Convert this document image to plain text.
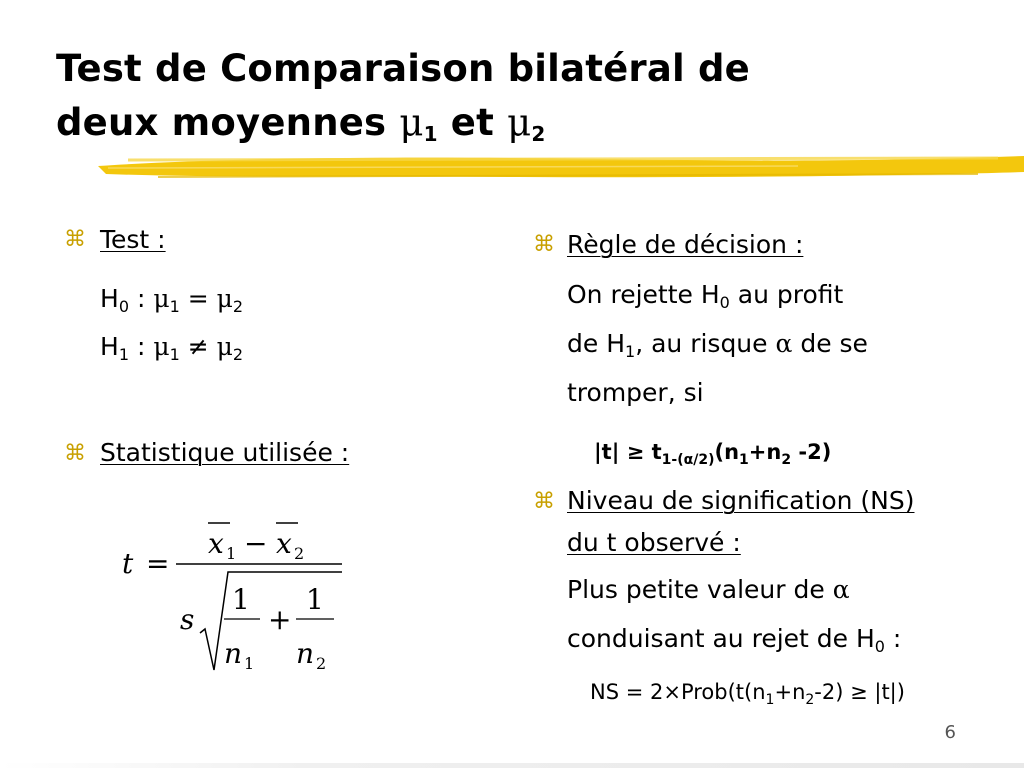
Test de Comparaison bilatéral de
deux moyennes $\mu_1$ et $\mu_2$
⌘ Test :
$H_0$ : $\mu_1 = \mu_2$
$H_1$ : $\mu_1 \ne \mu_2$
⌘ Statistique utilisée :
t =
x 1 − x 2
s
1
n 1
+
1
n 2
⌘ Règle de décision :
On rejette $H_0$ au profit
de $H_1$, au risque α de se
tromper, si
$|t| \ge t_{1-(\alpha/2)}(n_1+n_2$ -2)
⌘ Niveau de signification (NS)
du t observé :
Plus petite valeur de α
conduisant au rejet de $H_0$ :
NS = $2\times Prob(t(n_1+n_2-2) \ge |t|)$
6
